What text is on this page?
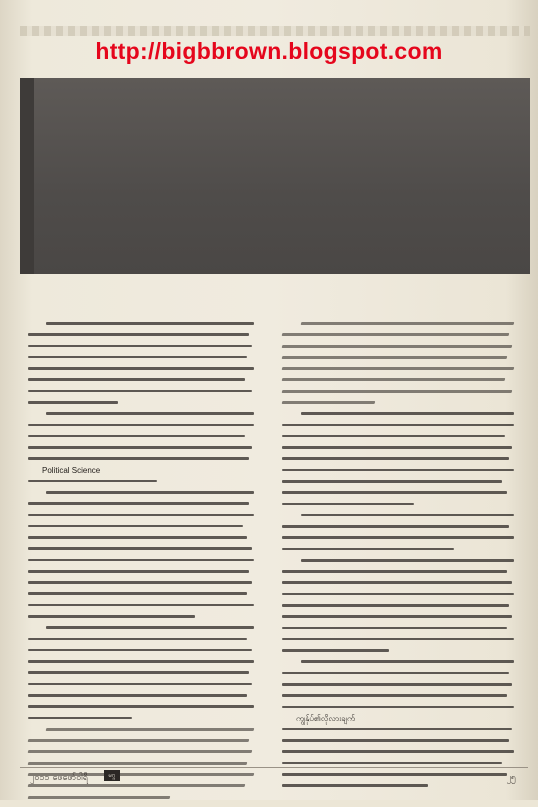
http://bigbbrown.blogspot.com
Political Science
ကျွန်ုပ်၏လိုလားချက်
၂၀၁၁ ဖေဖော်ဝါရီ	မဂ္ဂ	၂၅
